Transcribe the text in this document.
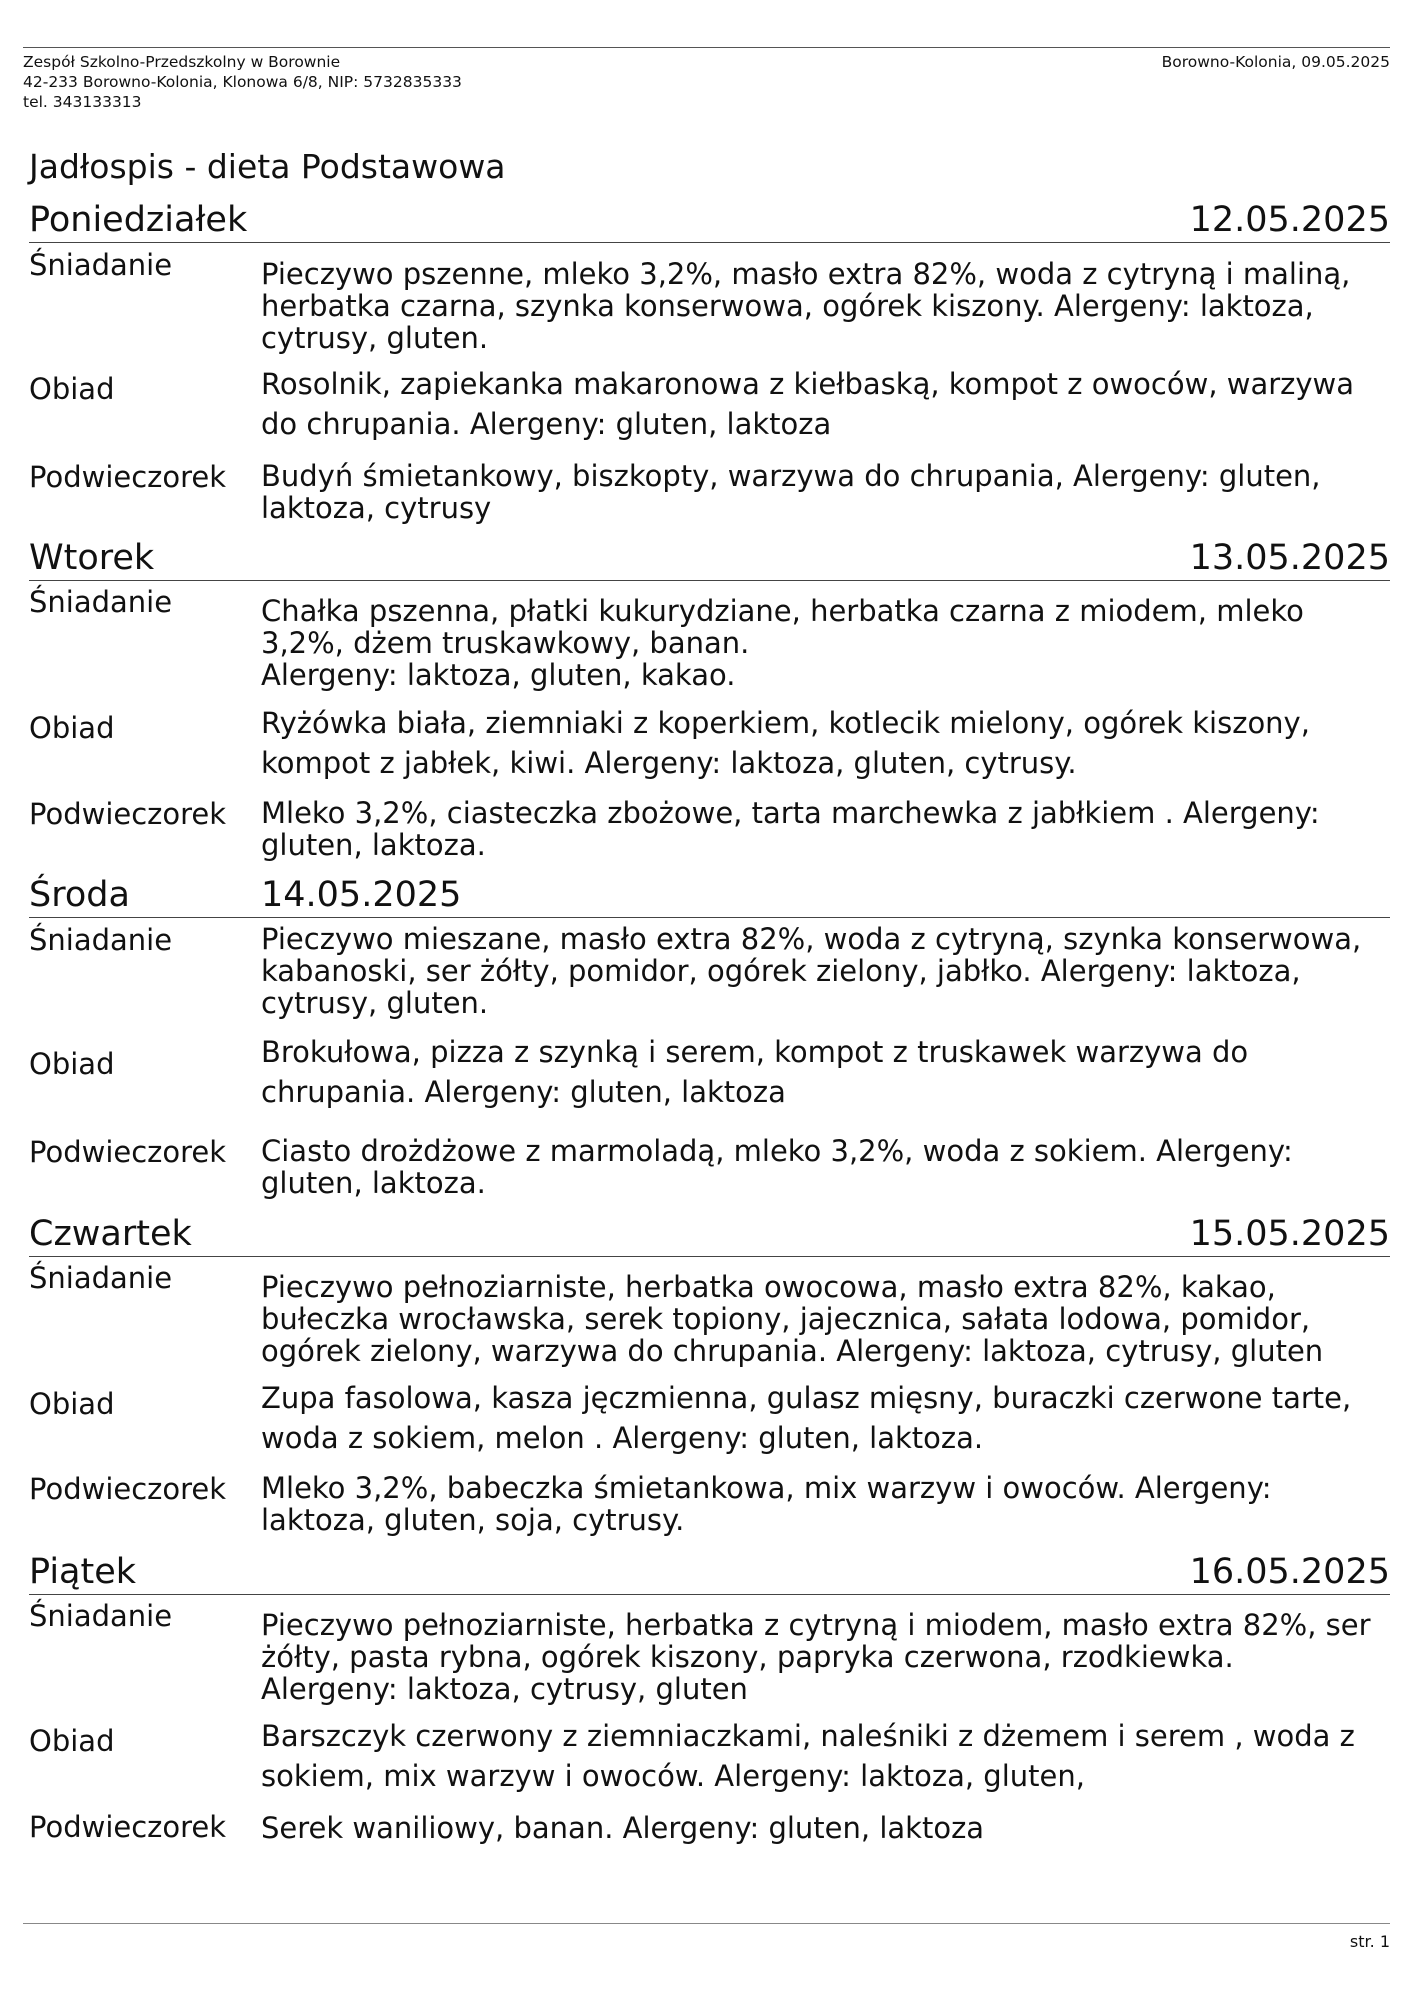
Zespół Szkolno-Przedszkolny w Borownie
42-233 Borowno-Kolonia, Klonowa 6/8, NIP: 5732835333
tel. 343133313
Borowno-Kolonia, 09.05.2025
Jadłospis - dieta Podstawowa
Poniedziałek	12.05.2025
Śniadanie	Pieczywo pszenne, mleko 3,2%, masło extra 82%, woda z cytryną i maliną,
herbatka czarna, szynka konserwowa, ogórek kiszony. Alergeny: laktoza,
cytrusy, gluten.
Obiad	Rosolnik, zapiekanka makaronowa z kiełbaską, kompot z owoców, warzywa
do chrupania. Alergeny: gluten, laktoza
Podwieczorek Budyń śmietankowy, biszkopty, warzywa do chrupania, Alergeny: gluten,
laktoza, cytrusy
Wtorek	13.05.2025
Śniadanie	Chałka pszenna, płatki kukurydziane, herbatka czarna z miodem, mleko
3,2%, dżem truskawkowy, banan.
Alergeny: laktoza, gluten, kakao.
Obiad	Ryżówka biała, ziemniaki z koperkiem, kotlecik mielony, ogórek kiszony,
kompot z jabłek, kiwi. Alergeny: laktoza, gluten, cytrusy.
Podwieczorek Mleko 3,2%, ciasteczka zbożowe, tarta marchewka z jabłkiem . Alergeny:
gluten, laktoza.
Środa	14.05.2025
Śniadanie	Pieczywo mieszane, masło extra 82%, woda z cytryną, szynka konserwowa,
kabanoski, ser żółty, pomidor, ogórek zielony, jabłko. Alergeny: laktoza,
cytrusy, gluten.
Obiad	Brokułowa, pizza z szynką i serem, kompot z truskawek warzywa do
chrupania. Alergeny: gluten, laktoza
Podwieczorek Ciasto drożdżowe z marmoladą, mleko 3,2%, woda z sokiem. Alergeny:
gluten, laktoza.
Czwartek	15.05.2025
Śniadanie	Pieczywo pełnoziarniste, herbatka owocowa, masło extra 82%, kakao,
bułeczka wrocławska, serek topiony, jajecznica, sałata lodowa, pomidor,
ogórek zielony, warzywa do chrupania. Alergeny: laktoza, cytrusy, gluten
Obiad	Zupa fasolowa, kasza jęczmienna, gulasz mięsny, buraczki czerwone tarte,
woda z sokiem, melon . Alergeny: gluten, laktoza.
Podwieczorek Mleko 3,2%, babeczka śmietankowa, mix warzyw i owoców. Alergeny:
laktoza, gluten, soja, cytrusy.
Piątek	16.05.2025
Śniadanie	Pieczywo pełnoziarniste, herbatka z cytryną i miodem, masło extra 82%, ser
żółty, pasta rybna, ogórek kiszony, papryka czerwona, rzodkiewka.
Alergeny: laktoza, cytrusy, gluten
Obiad	Barszczyk czerwony z ziemniaczkami, naleśniki z dżemem i serem , woda z
sokiem, mix warzyw i owoców. Alergeny: laktoza, gluten,
Podwieczorek Serek waniliowy, banan. Alergeny: gluten, laktoza
str. 1
